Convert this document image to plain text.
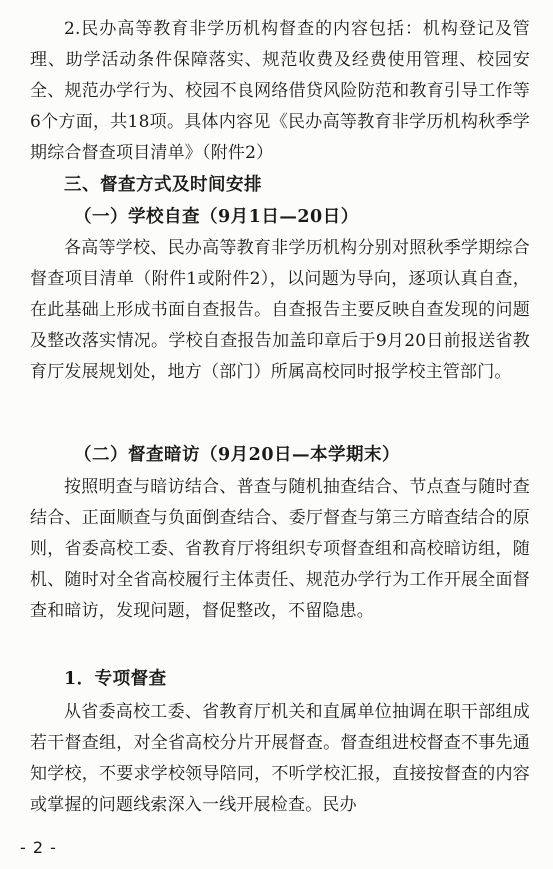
2.民办高等教育非学历机构督查的内容包括：机构登记及管理、助学活动条件保障落实、规范收费及经费使用管理、校园安全、规范办学行为、校园不良网络借贷风险防范和教育引导工作等6个方面，共18项。具体内容见《民办高等教育非学历机构秋季学期综合督查项目清单》（附件2）

三、督查方式及时间安排

（一）学校自查（9月1日—20日）

各高等学校、民办高等教育非学历机构分别对照秋季学期综合督查项目清单（附件1或附件2），以问题为导向，逐项认真自查，在此基础上形成书面自查报告。自查报告主要反映自查发现的问题及整改落实情况。学校自查报告加盖印章后于9月20日前报送省教育厅发展规划处，地方（部门）所属高校同时报学校主管部门。

（二）督查暗访（9月20日—本学期末）

按照明查与暗访结合、普查与随机抽查结合、节点查与随时查结合、正面顺查与负面倒查结合、委厅督查与第三方暗查结合的原则，省委高校工委、省教育厅将组织专项督查组和高校暗访组，随机、随时对全省高校履行主体责任、规范办学行为工作开展全面督查和暗访，发现问题，督促整改，不留隐患。

1．专项督查

从省委高校工委、省教育厅机关和直属单位抽调在职干部组成若干督查组，对全省高校分片开展督查。督查组进校督查不事先通知学校，不要求学校领导陪同，不听学校汇报，直接按督查的内容或掌握的问题线索深入一线开展检查。民办

- 2 -
